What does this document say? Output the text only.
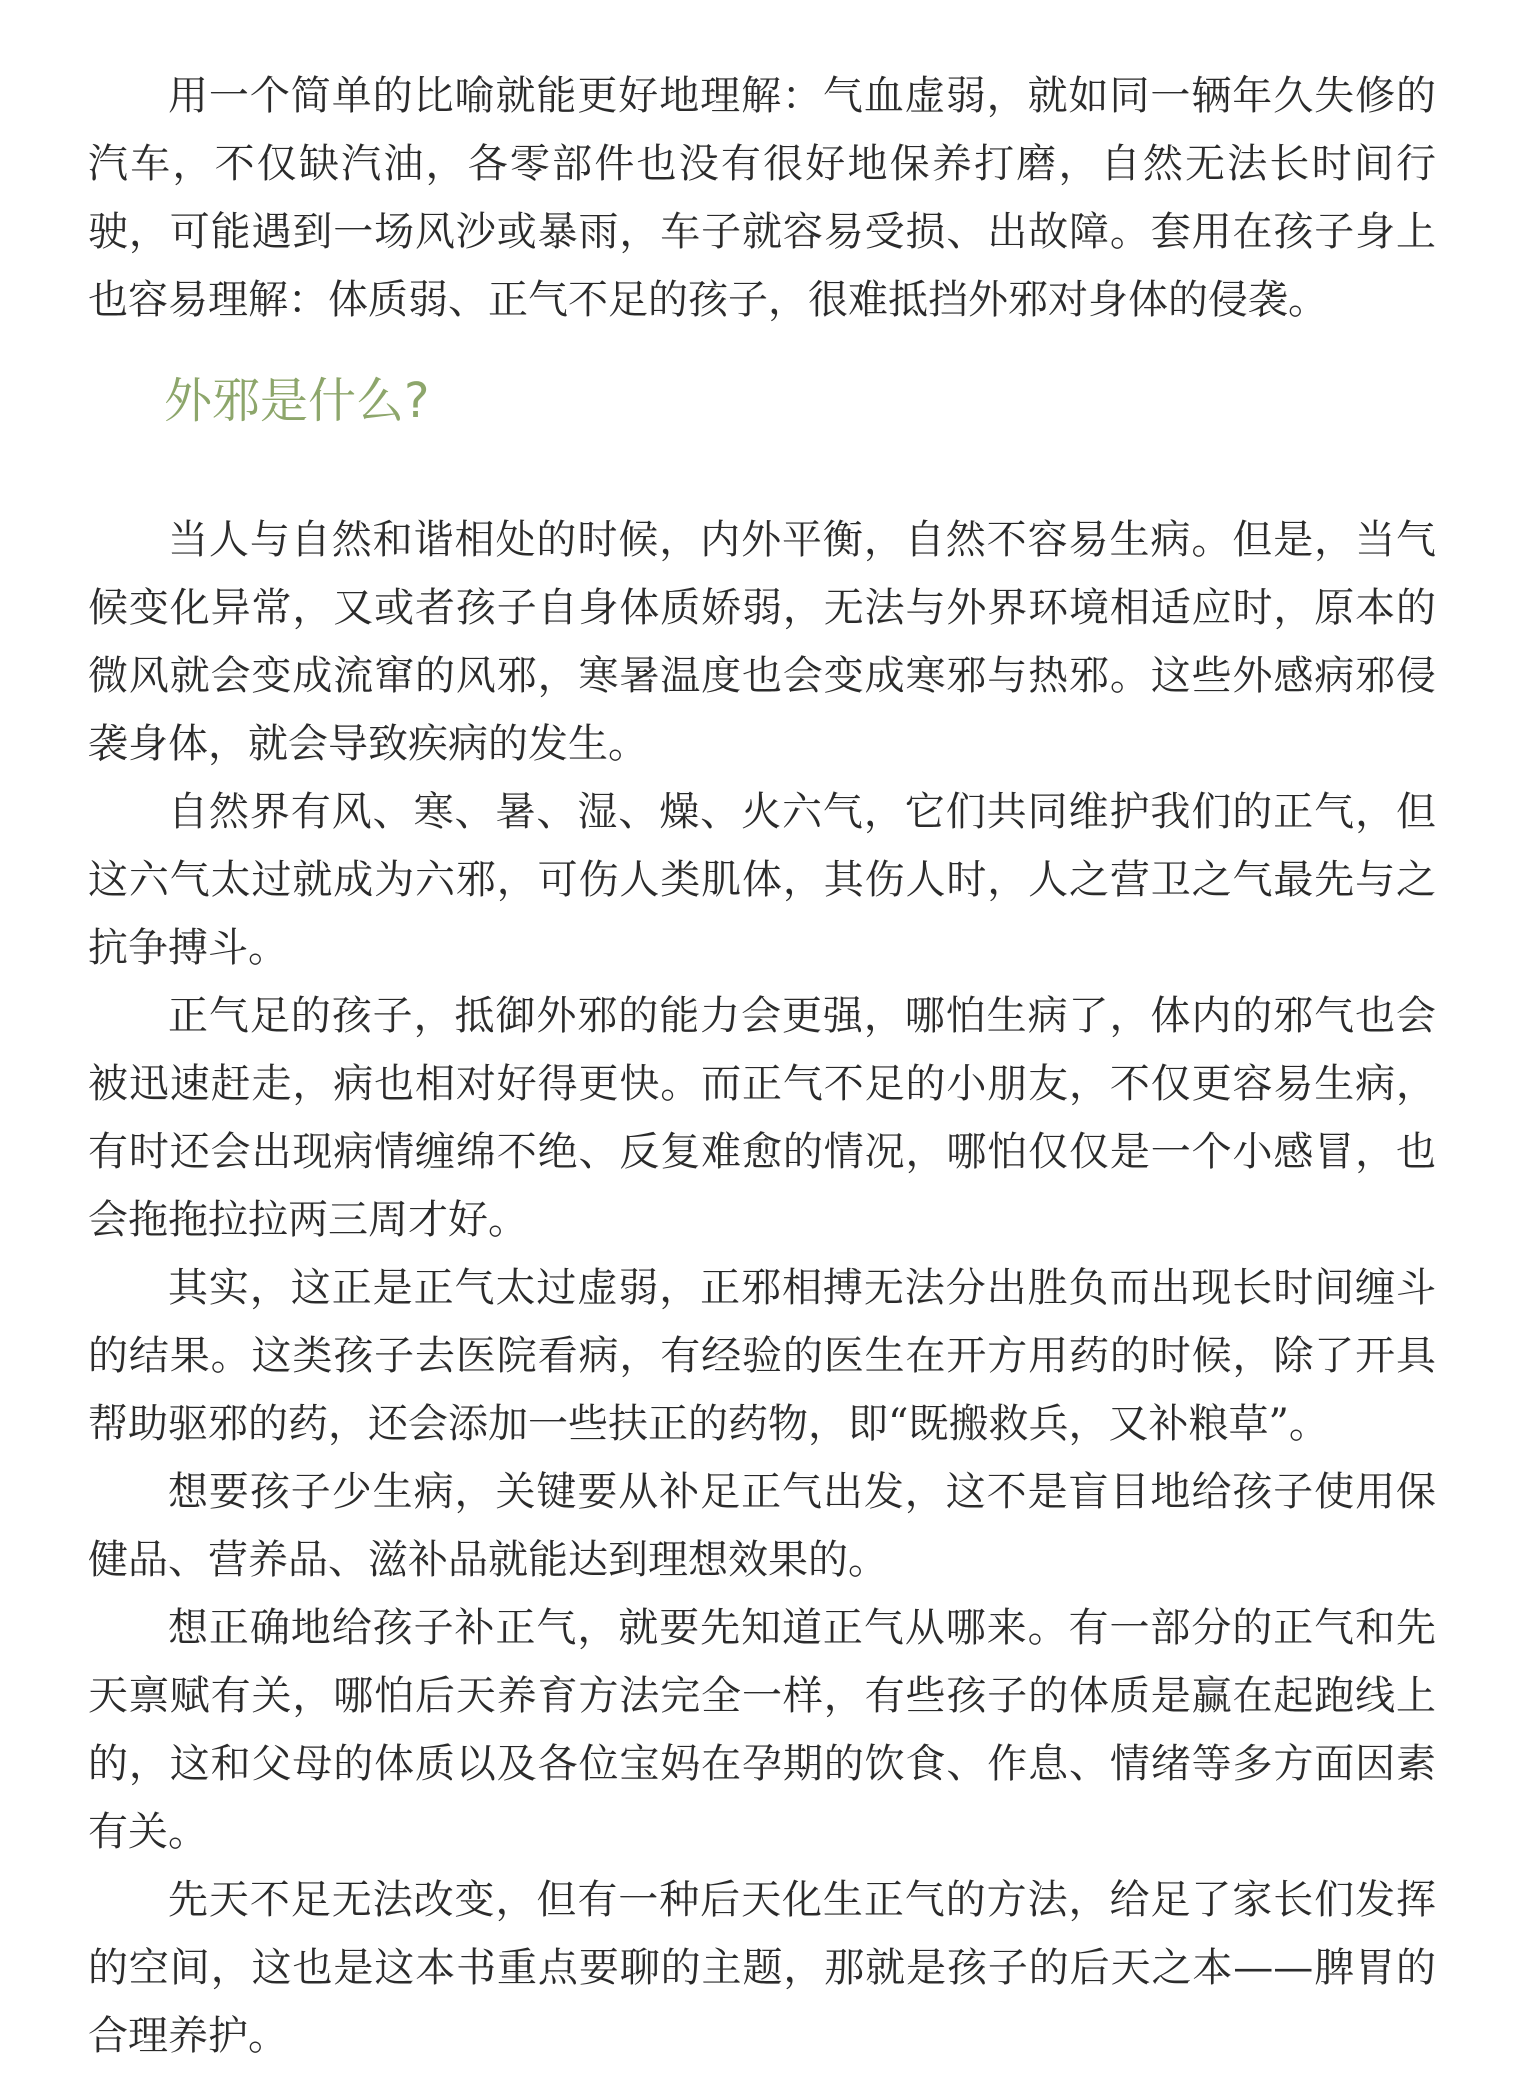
用一个简单的比喻就能更好地理解：气血虚弱，就如同一辆年久失修的汽车，不仅缺汽油，各零部件也没有很好地保养打磨，自然无法长时间行驶，可能遇到一场风沙或暴雨，车子就容易受损、出故障。套用在孩子身上也容易理解：体质弱、正气不足的孩子，很难抵挡外邪对身体的侵袭。

外邪是什么?

当人与自然和谐相处的时候，内外平衡，自然不容易生病。但是，当气候变化异常，又或者孩子自身体质娇弱，无法与外界环境相适应时，原本的微风就会变成流窜的风邪，寒暑温度也会变成寒邪与热邪。这些外感病邪侵袭身体，就会导致疾病的发生。

自然界有风、寒、暑、湿、燥、火六气，它们共同维护我们的正气，但这六气太过就成为六邪，可伤人类肌体，其伤人时，人之营卫之气最先与之抗争搏斗。

正气足的孩子，抵御外邪的能力会更强，哪怕生病了，体内的邪气也会被迅速赶走，病也相对好得更快。而正气不足的小朋友，不仅更容易生病，有时还会出现病情缠绵不绝、反复难愈的情况，哪怕仅仅是一个小感冒，也会拖拖拉拉两三周才好。

其实，这正是正气太过虚弱，正邪相搏无法分出胜负而出现长时间缠斗的结果。这类孩子去医院看病，有经验的医生在开方用药的时候，除了开具帮助驱邪的药，还会添加一些扶正的药物，即“既搬救兵，又补粮草”。

想要孩子少生病，关键要从补足正气出发，这不是盲目地给孩子使用保健品、营养品、滋补品就能达到理想效果的。

想正确地给孩子补正气，就要先知道正气从哪来。有一部分的正气和先天禀赋有关，哪怕后天养育方法完全一样，有些孩子的体质是赢在起跑线上的，这和父母的体质以及各位宝妈在孕期的饮食、作息、情绪等多方面因素有关。

先天不足无法改变，但有一种后天化生正气的方法，给足了家长们发挥的空间，这也是这本书重点要聊的主题，那就是孩子的后天之本——脾胃的合理养护。
